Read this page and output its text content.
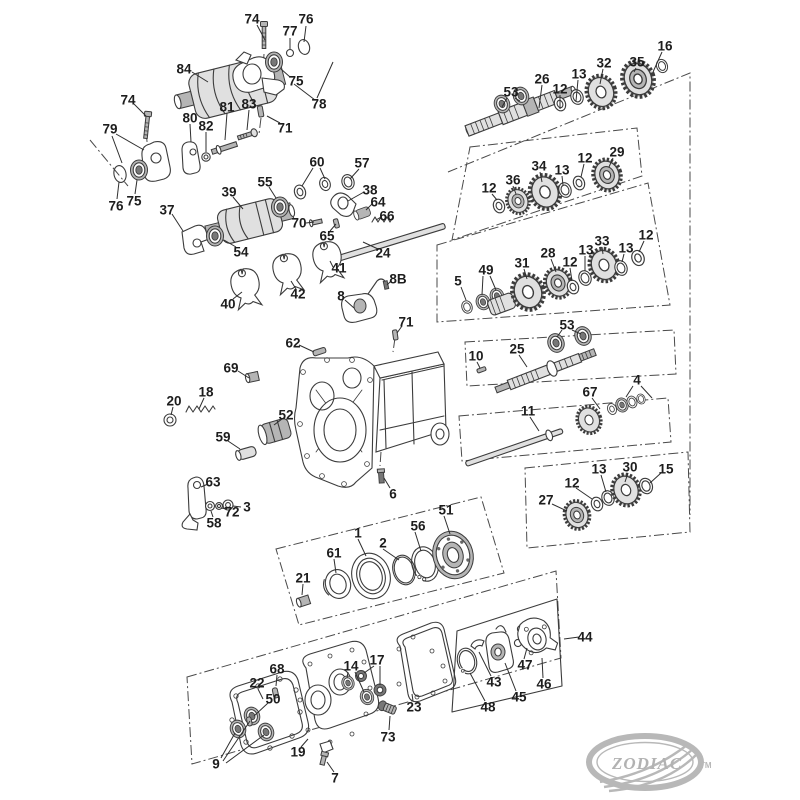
ZODIAC TM
74	76
77
84
75
78
71
74
79
80
82
81 83
76 75
37
39
55
60 57
38
64
66
70
65
54	24
41
42
40
8B
8
71
53
26
12
13
32 35
16
36
34 13
12 29
12
5
49 31
28
12
13
33 13
12
53
25
10
4
67
11
13 30 15
12
27
62
69
18
20
52
59
63
3
72
58
6
1
2
56
51
61
21
68
22
50
14 17
23
73
19
9
7
44
47
46
43
45
48
